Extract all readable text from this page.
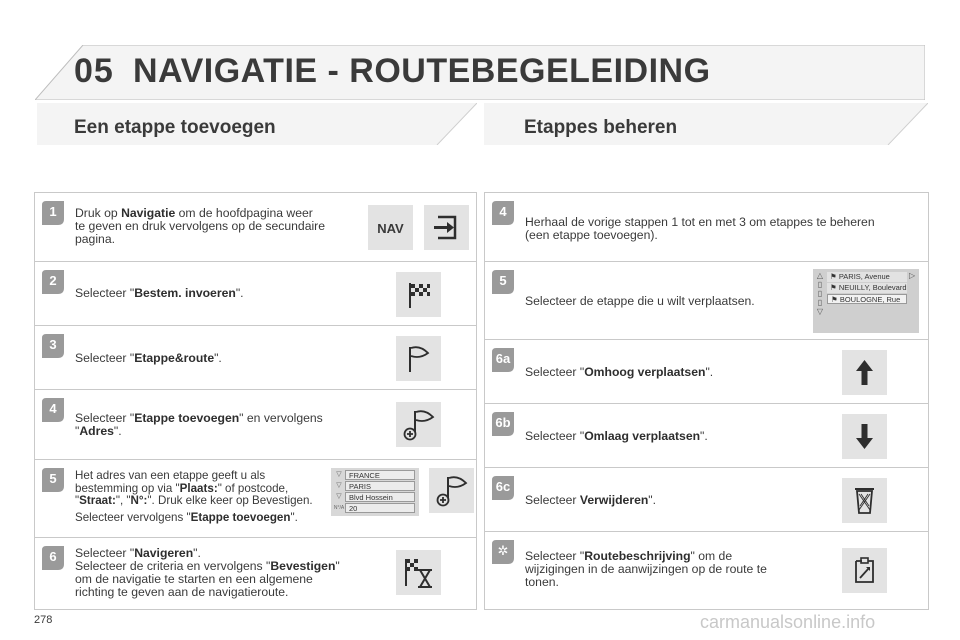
05 NAVIGATIE - ROUTEBEGELEIDING
Een etappe toevoegen	Etappes beheren
1	Druk op Navigatie om de hoofdpagina weer
te geven en druk vervolgens op de secundaire
pagina.
NAV
2
Selecteer "Bestem. invoeren".
3
Selecteer "Etappe&route".
4
Selecteer "Etappe toevoegen" en vervolgens
"Adres".
5	Het adres van een etappe geeft u als
bestemming op via "Plaats:" of postcode,
"Straat:", "N°:". Druk elke keer op Bevestigen.
Selecteer vervolgens "Etappe toevoegen".
▽ FRANCE
▽ PARIS
▽ Blvd Hossein
N°/A 20
6	Selecteer "Navigeren".
Selecteer de criteria en vervolgens "Bevestigen"
om de navigatie te starten en een algemene
richting te geven aan de navigatieroute.
4
Herhaal de vorige stappen 1 tot en met 3 om etappes te beheren
(een etappe toevoegen).
5
Selecteer de etappe die u wilt verplaatsen.
△
▯
▯
▯
▽
⚑ PARIS, Avenue
⚑ NEUILLY, Boulevard
⚑ BOULOGNE, Rue
▷
6a
Selecteer "Omhoog verplaatsen".
6b
Selecteer "Omlaag verplaatsen".
6c
Selecteer Verwijderen".
✲	Selecteer "Routebeschrijving" om de
wijzigingen in de aanwijzingen op de route te
tonen.
278	carmanualsonline.info
